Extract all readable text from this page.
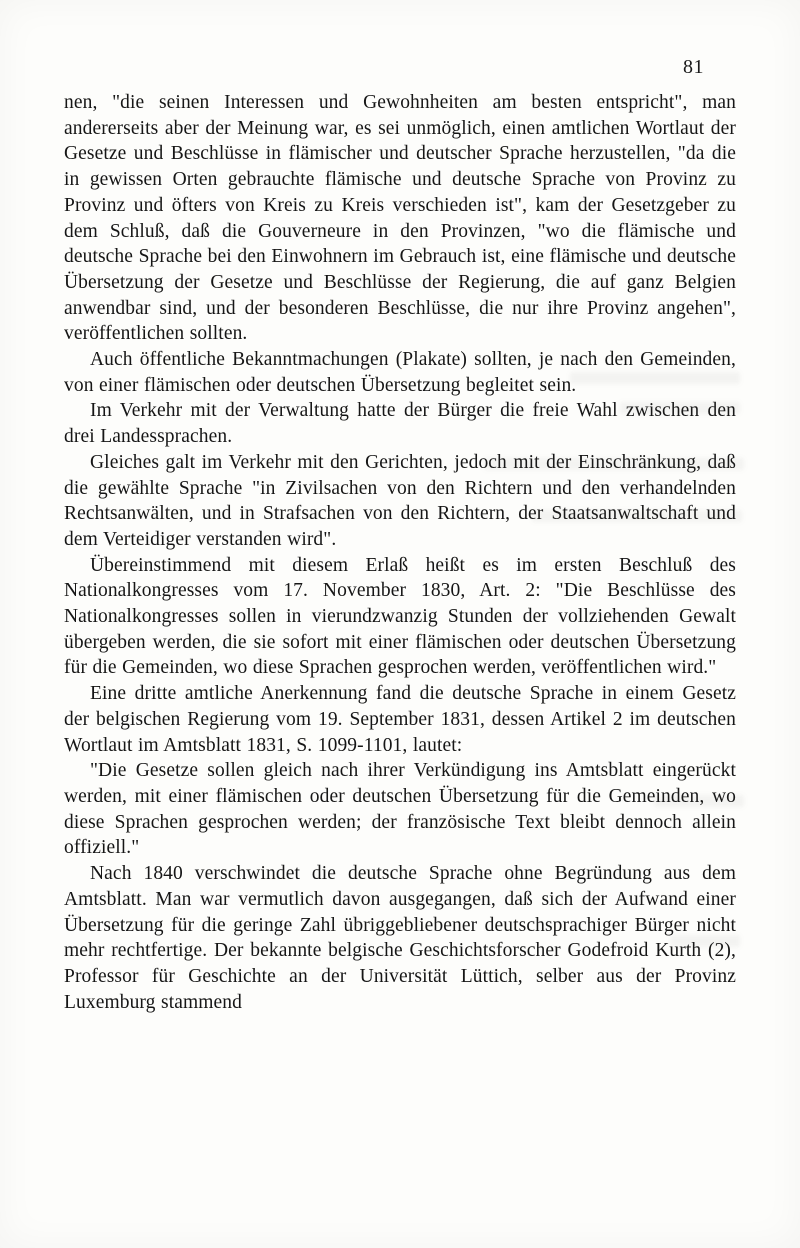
81

nen, "die seinen Interessen und Gewohnheiten am besten entspricht", man andererseits aber der Meinung war, es sei unmöglich, einen amtlichen Wortlaut der Gesetze und Beschlüsse in flämischer und deutscher Sprache herzustellen, "da die in gewissen Orten gebrauchte flämische und deutsche Sprache von Provinz zu Provinz und öfters von Kreis zu Kreis verschieden ist", kam der Gesetzgeber zu dem Schluß, daß die Gouverneure in den Provinzen, "wo die flämische und deutsche Sprache bei den Einwohnern im Gebrauch ist, eine flämische und deutsche Übersetzung der Gesetze und Beschlüsse der Regierung, die auf ganz Belgien anwendbar sind, und der besonderen Beschlüsse, die nur ihre Provinz angehen", veröffentlichen sollten.

Auch öffentliche Bekanntmachungen (Plakate) sollten, je nach den Gemeinden, von einer flämischen oder deutschen Übersetzung begleitet sein.

Im Verkehr mit der Verwaltung hatte der Bürger die freie Wahl zwischen den drei Landessprachen.

Gleiches galt im Verkehr mit den Gerichten, jedoch mit der Einschränkung, daß die gewählte Sprache "in Zivilsachen von den Richtern und den verhandelnden Rechtsanwälten, und in Strafsachen von den Richtern, der Staatsanwaltschaft und dem Verteidiger verstanden wird".

Übereinstimmend mit diesem Erlaß heißt es im ersten Beschluß des Nationalkongresses vom 17. November 1830, Art. 2: "Die Beschlüsse des Nationalkongresses sollen in vierundzwanzig Stunden der vollziehenden Gewalt übergeben werden, die sie sofort mit einer flämischen oder deutschen Übersetzung für die Gemeinden, wo diese Sprachen gesprochen werden, veröffentlichen wird."

Eine dritte amtliche Anerkennung fand die deutsche Sprache in einem Gesetz der belgischen Regierung vom 19. September 1831, dessen Artikel 2 im deutschen Wortlaut im Amtsblatt 1831, S. 1099-1101, lautet:

"Die Gesetze sollen gleich nach ihrer Verkündigung ins Amtsblatt eingerückt werden, mit einer flämischen oder deutschen Übersetzung für die Gemeinden, wo diese Sprachen gesprochen werden; der französische Text bleibt dennoch allein offiziell."

Nach 1840 verschwindet die deutsche Sprache ohne Begründung aus dem Amtsblatt. Man war vermutlich davon ausgegangen, daß sich der Aufwand einer Übersetzung für die geringe Zahl übriggebliebener deutschsprachiger Bürger nicht mehr rechtfertige. Der bekannte belgische Geschichtsforscher Godefroid Kurth (2), Professor für Geschichte an der Universität Lüttich, selber aus der Provinz Luxemburg stammend
